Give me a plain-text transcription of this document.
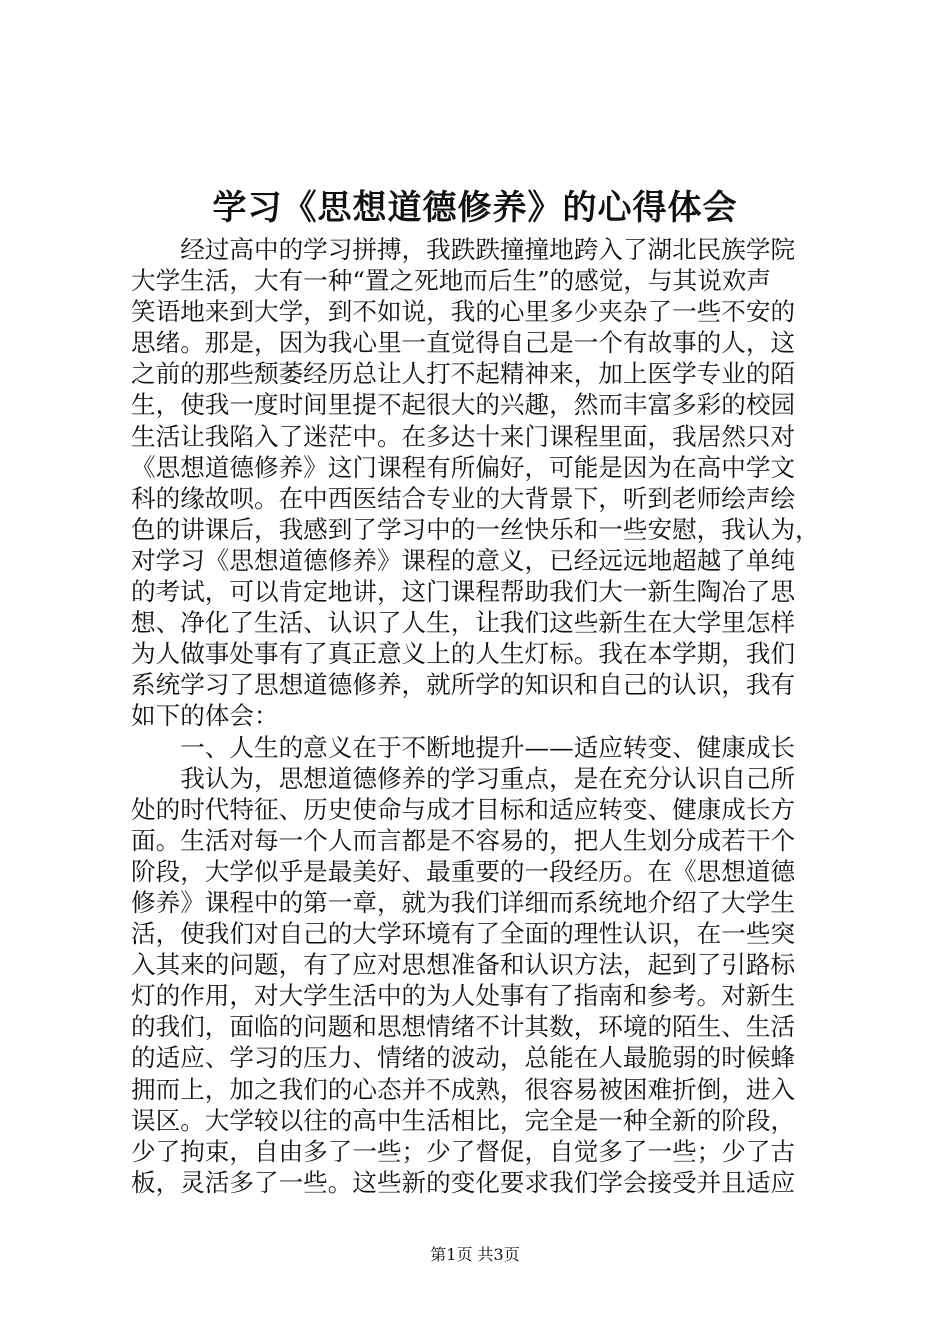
学习《思想道德修养》的心得体会
　　经过高中的学习拼搏，我跌跌撞撞地跨入了湖北民族学院
大学生活，大有一种“置之死地而后生”的感觉，与其说欢声
笑语地来到大学，到不如说，我的心里多少夹杂了一些不安的
思绪。那是，因为我心里一直觉得自己是一个有故事的人，这
之前的那些颓萎经历总让人打不起精神来，加上医学专业的陌
生，使我一度时间里提不起很大的兴趣，然而丰富多彩的校园
生活让我陷入了迷茫中。在多达十来门课程里面，我居然只对
《思想道德修养》这门课程有所偏好，可能是因为在高中学文
科的缘故呗。在中西医结合专业的大背景下，听到老师绘声绘
色的讲课后，我感到了学习中的一丝快乐和一些安慰，我认为，
对学习《思想道德修养》课程的意义，已经远远地超越了单纯
的考试，可以肯定地讲，这门课程帮助我们大一新生陶冶了思
想、净化了生活、认识了人生，让我们这些新生在大学里怎样
为人做事处事有了真正意义上的人生灯标。我在本学期，我们
系统学习了思想道德修养，就所学的知识和自己的认识，我有
如下的体会：
　　一、人生的意义在于不断地提升——适应转变、健康成长
　　我认为，思想道德修养的学习重点，是在充分认识自己所
处的时代特征、历史使命与成才目标和适应转变、健康成长方
面。生活对每一个人而言都是不容易的，把人生划分成若干个
阶段，大学似乎是最美好、最重要的一段经历。在《思想道德
修养》课程中的第一章，就为我们详细而系统地介绍了大学生
活，使我们对自己的大学环境有了全面的理性认识，在一些突
入其来的问题，有了应对思想准备和认识方法，起到了引路标
灯的作用，对大学生活中的为人处事有了指南和参考。对新生
的我们，面临的问题和思想情绪不计其数，环境的陌生、生活
的适应、学习的压力、情绪的波动，总能在人最脆弱的时候蜂
拥而上，加之我们的心态并不成熟，很容易被困难折倒，进入
误区。大学较以往的高中生活相比，完全是一种全新的阶段，
少了拘束，自由多了一些；少了督促，自觉多了一些；少了古
板，灵活多了一些。这些新的变化要求我们学会接受并且适应
第1页 共3页
